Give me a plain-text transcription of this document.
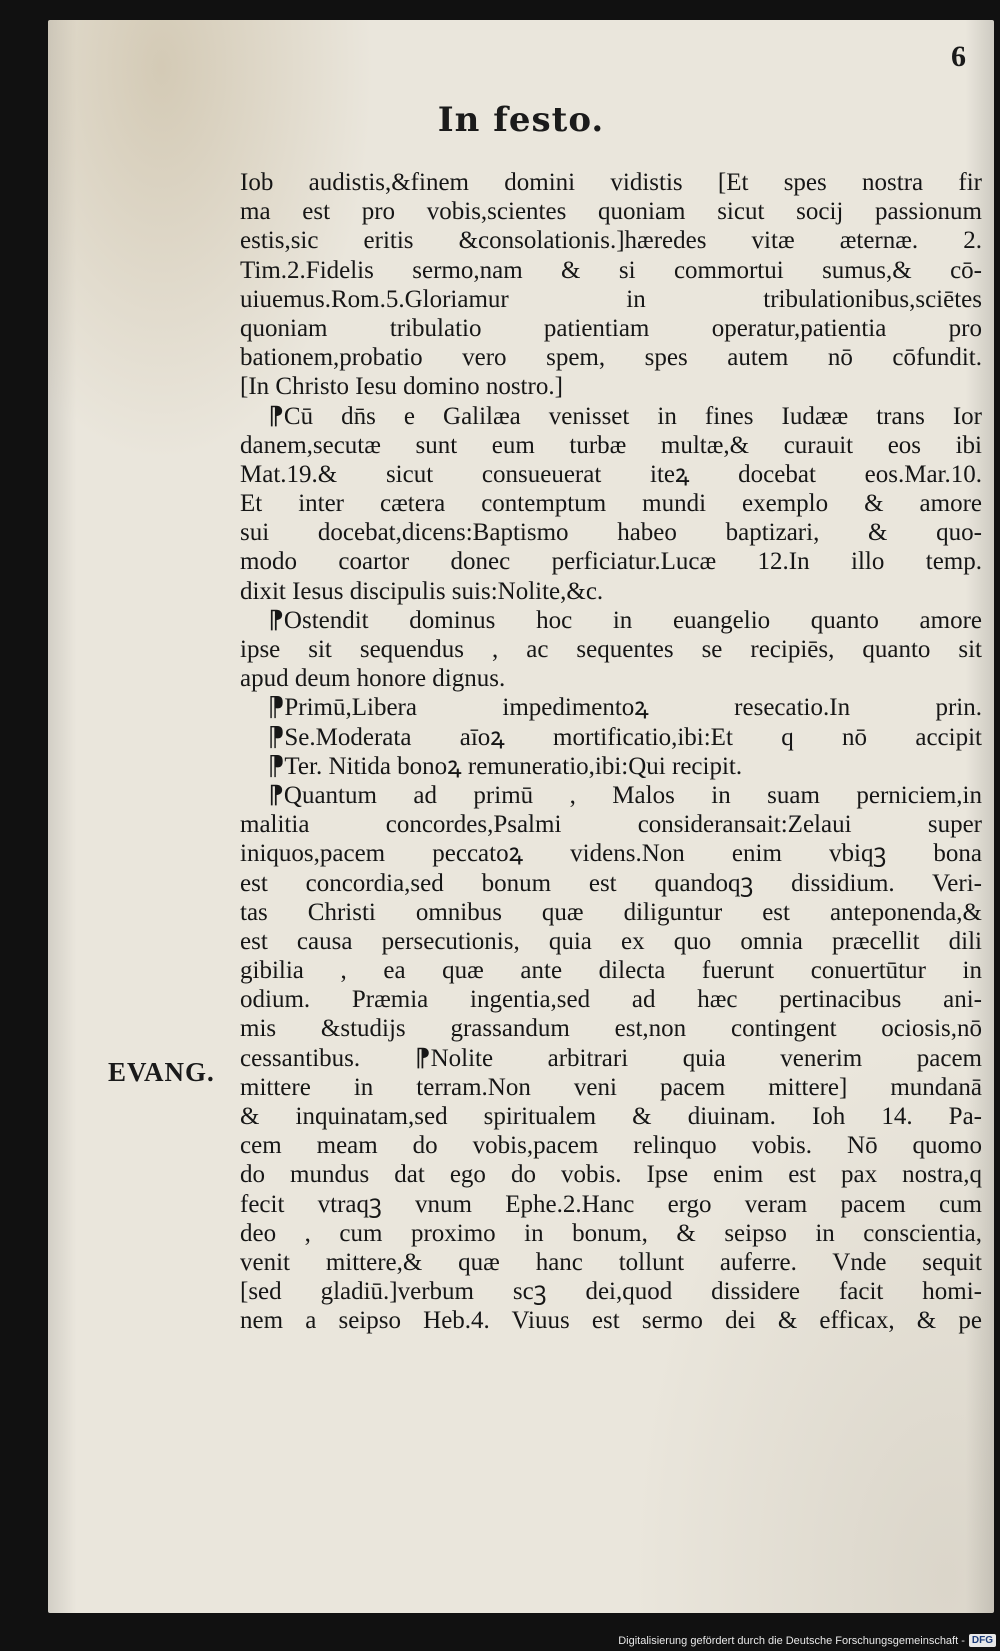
6
In festo.
Iob audistis,&finem domini vidistis [Et spes nostra fir
ma est pro vobis,scientes quoniam sicut socij passionum
estis,sic eritis &consolationis.]hæredes vitæ æternæ. 2.
Tim.2.Fidelis sermo,nam & si commortui sumus,& cō-
uiuemus.Rom.5.Gloriamur in tribulationibus,sciētes
quoniam tribulatio patientiam operatur,patientia pro
bationem,probatio vero spem, spes autem nō cōfundit.
[In Christo Iesu domino nostro.]
⁋Cū dn̄s e Galilæa venisset in fines Iudææ trans Ior
danem,secutæ sunt eum turbæ multæ,& curauit eos ibi
Mat.19.& sicut consueuerat iteꝝ docebat eos.Mar.10.
Et inter cætera contemptum mundi exemplo & amore
sui docebat,dicens:Baptismo habeo baptizari, & quo-
modo coartor donec perficiatur.Lucæ 12.In illo temp.
dixit Iesus discipulis suis:Nolite,&c.
⁋Ostendit dominus hoc in euangelio quanto amore
ipse sit sequendus , ac sequentes se recipiēs, quanto sit
apud deum honore dignus.
⁋Primū,Libera impedimentoꝝ resecatio.In prin.
⁋Se.Moderata aīoꝝ mortificatio,ibi:Et q nō accipit
⁋Ter. Nitida bonoꝝ remuneratio,ibi:Qui recipit.
⁋Quantum ad primū , Malos in suam perniciem,in
malitia concordes,Psalmi consideransait:Zelaui super
iniquos,pacem peccatoꝝ videns.Non enim vbiqꝫ bona
est concordia,sed bonum est quandoqꝫ dissidium. Veri-
tas Christi omnibus quæ diliguntur est anteponenda,&
est causa persecutionis, quia ex quo omnia præcellit dili
gibilia , ea quæ ante dilecta fuerunt conuertūtur in
odium. Præmia ingentia,sed ad hæc pertinacibus ani-
mis &studijs grassandum est,non contingent ociosis,nō
cessantibus. ⁋Nolite arbitrari quia venerim pacem
mittere in terram.Non veni pacem mittere] mundanā
& inquinatam,sed spiritualem & diuinam. Ioh 14. Pa-
cem meam do vobis,pacem relinquo vobis. Nō quomo
do mundus dat ego do vobis. Ipse enim est pax nostra,q
fecit vtraqꝫ vnum Ephe.2.Hanc ergo veram pacem cum
deo , cum proximo in bonum, & seipso in conscientia,
venit mittere,& quæ hanc tollunt auferre. Vnde sequit
[sed gladiū.]verbum scꝫ dei,quod dissidere facit homi-
nem a seipso Heb.4. Viuus est sermo dei & efficax, & pe
EVANG.
Digitalisierung gefördert durch die Deutsche Forschungsgemeinschaft - DFG
